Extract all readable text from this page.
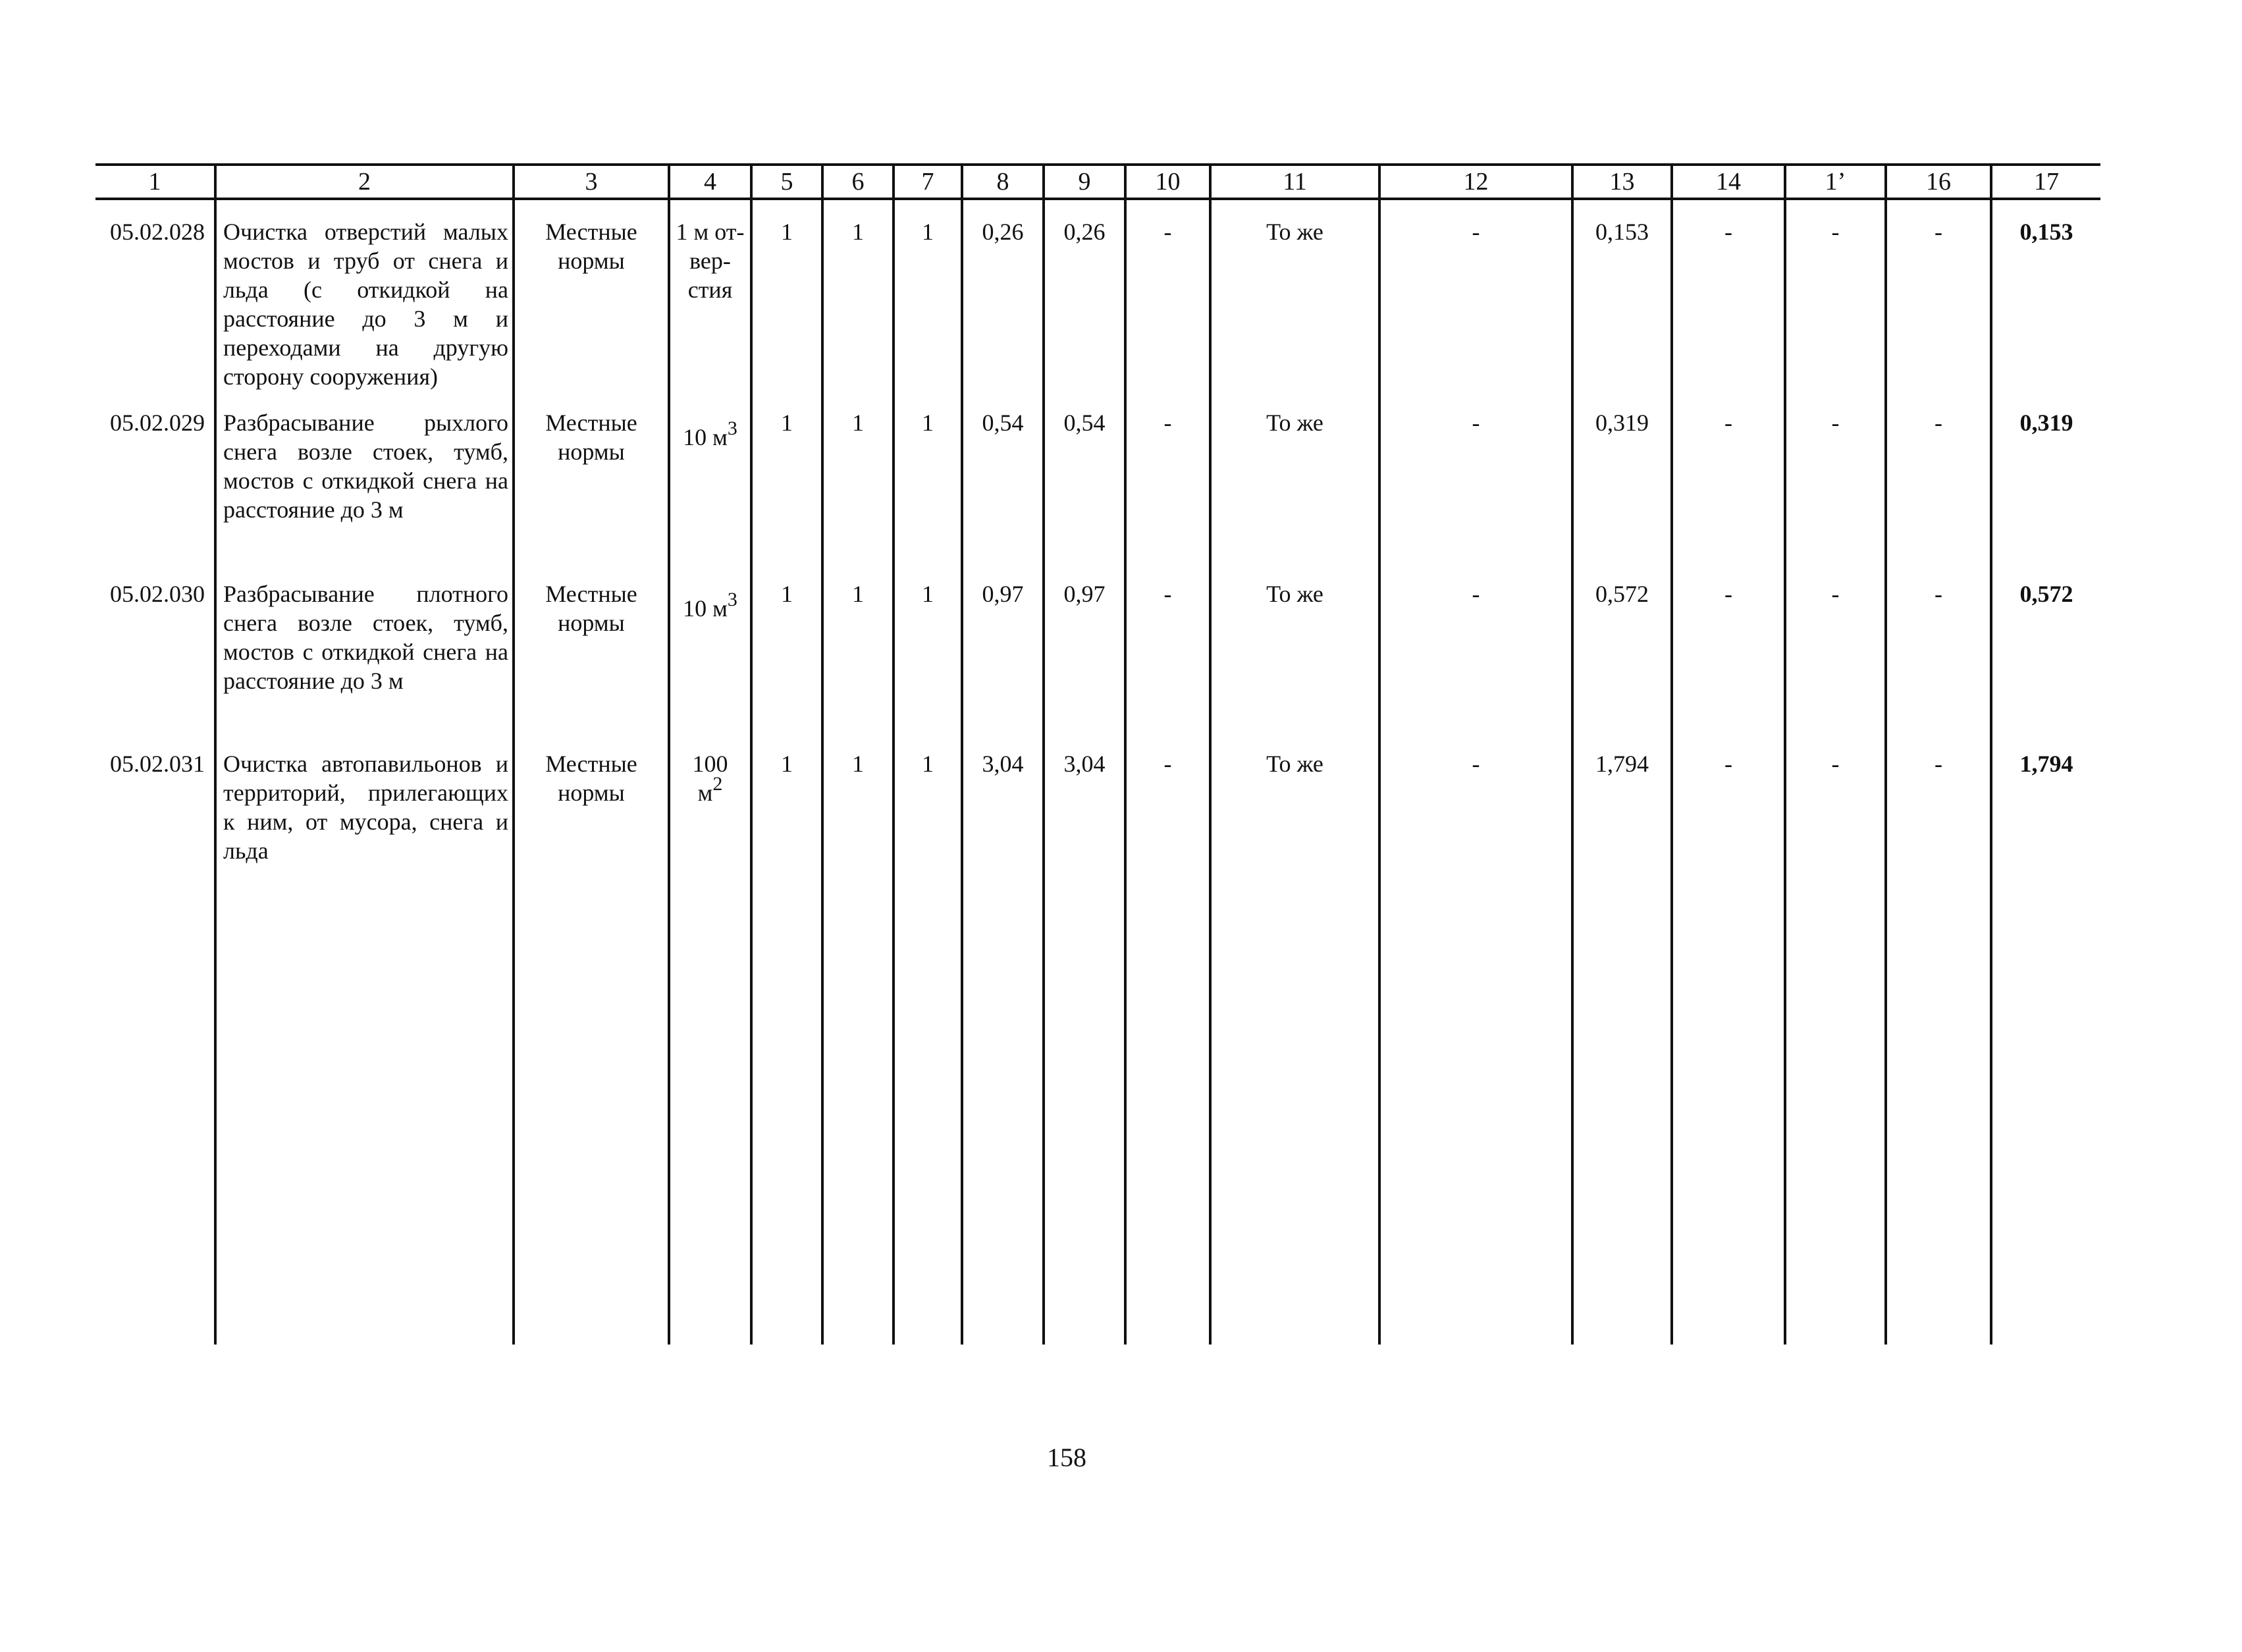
1	2	3	4	5	6	7	8	9	10	11	12	13	14	1ʼ	16	17
05.02.028	Очистка отверстий малых мостов и труб от снега и льда (с откидкой на расстояние до 3 м и переходами на другую сторону сооружения)	Местные нормы	1 м от-вер-стия	1	1	1	0,26	0,26	-	То же	-	0,153	-	-	-	0,153
05.02.029	Разбрасывание рыхлого снега возле стоек, тумб, мостов с откидкой снега на расстояние до 3 м	Местные нормы	10 $м^3$	1	1	1	0,54	0,54	-	То же	-	0,319	-	-	-	0,319
05.02.030	Разбрасывание плотного снега возле стоек, тумб, мостов с откидкой снега на расстояние до 3 м	Местные нормы	10 $м^3$	1	1	1	0,97	0,97	-	То же	-	0,572	-	-	-	0,572
05.02.031	Очистка автопавильонов и территорий, прилегающих к ним, от мусора, снега и льда	Местные нормы	100 $м^2$	1	1	1	3,04	3,04	-	То же	-	1,794	-	-	-	1,794
158
